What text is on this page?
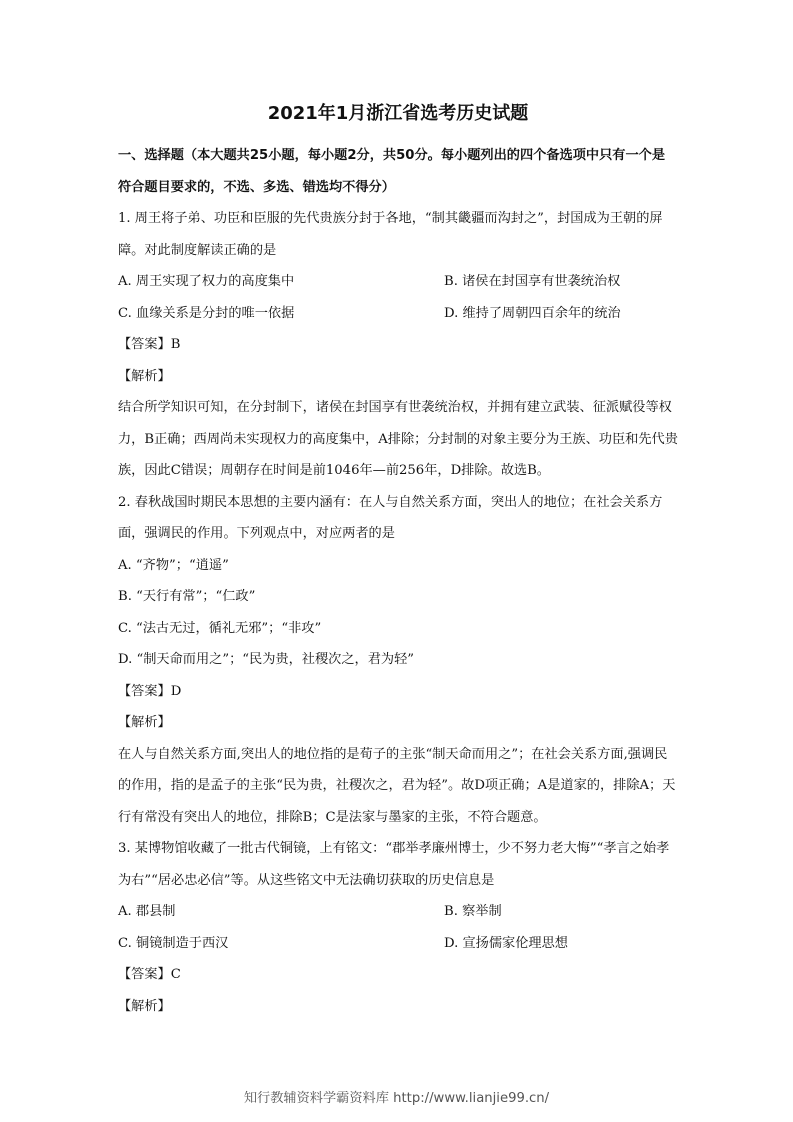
2021年1月浙江省选考历史试题

一、选择题（本大题共25小题，每小题2分，共50分。每小题列出的四个备选项中只有一个是符合题目要求的，不选、多选、错选均不得分）

1. 周王将子弟、功臣和臣服的先代贵族分封于各地，“制其畿疆而沟封之”，封国成为王朝的屏障。对此制度解读正确的是

A. 周王实现了权力的高度集中	B. 诸侯在封国享有世袭统治权
C. 血缘关系是分封的唯一依据	D. 维持了周朝四百余年的统治

【答案】B

【解析】

结合所学知识可知，在分封制下，诸侯在封国享有世袭统治权，并拥有建立武装、征派赋役等权力，B正确；西周尚未实现权力的高度集中，A排除；分封制的对象主要分为王族、功臣和先代贵族，因此C错误；周朝存在时间是前1046年—前256年，D排除。故选B。

2. 春秋战国时期民本思想的主要内涵有：在人与自然关系方面，突出人的地位；在社会关系方面，强调民的作用。下列观点中，对应两者的是

A. “齐物”；“逍遥”
B. “天行有常”；“仁政”
C. “法古无过，循礼无邪”；“非攻”
D. “制天命而用之”；“民为贵，社稷次之，君为轻”

【答案】D

【解析】

在人与自然关系方面,突出人的地位指的是荀子的主张“制天命而用之”；在社会关系方面,强调民的作用，指的是孟子的主张“民为贵，社稷次之，君为轻”。故D项正确；A是道家的，排除A；天行有常没有突出人的地位，排除B；C是法家与墨家的主张，不符合题意。

3. 某博物馆收藏了一批古代铜镜，上有铭文：“郡举孝廉州博士，少不努力老大悔”“孝言之始孝为右”“居必忠必信”等。从这些铭文中无法确切获取的历史信息是

A. 郡县制	B. 察举制
C. 铜镜制造于西汉	D. 宣扬儒家伦理思想

【答案】C

【解析】

知行教辅资料学霸资料库 http://www.lianjie99.cn/
